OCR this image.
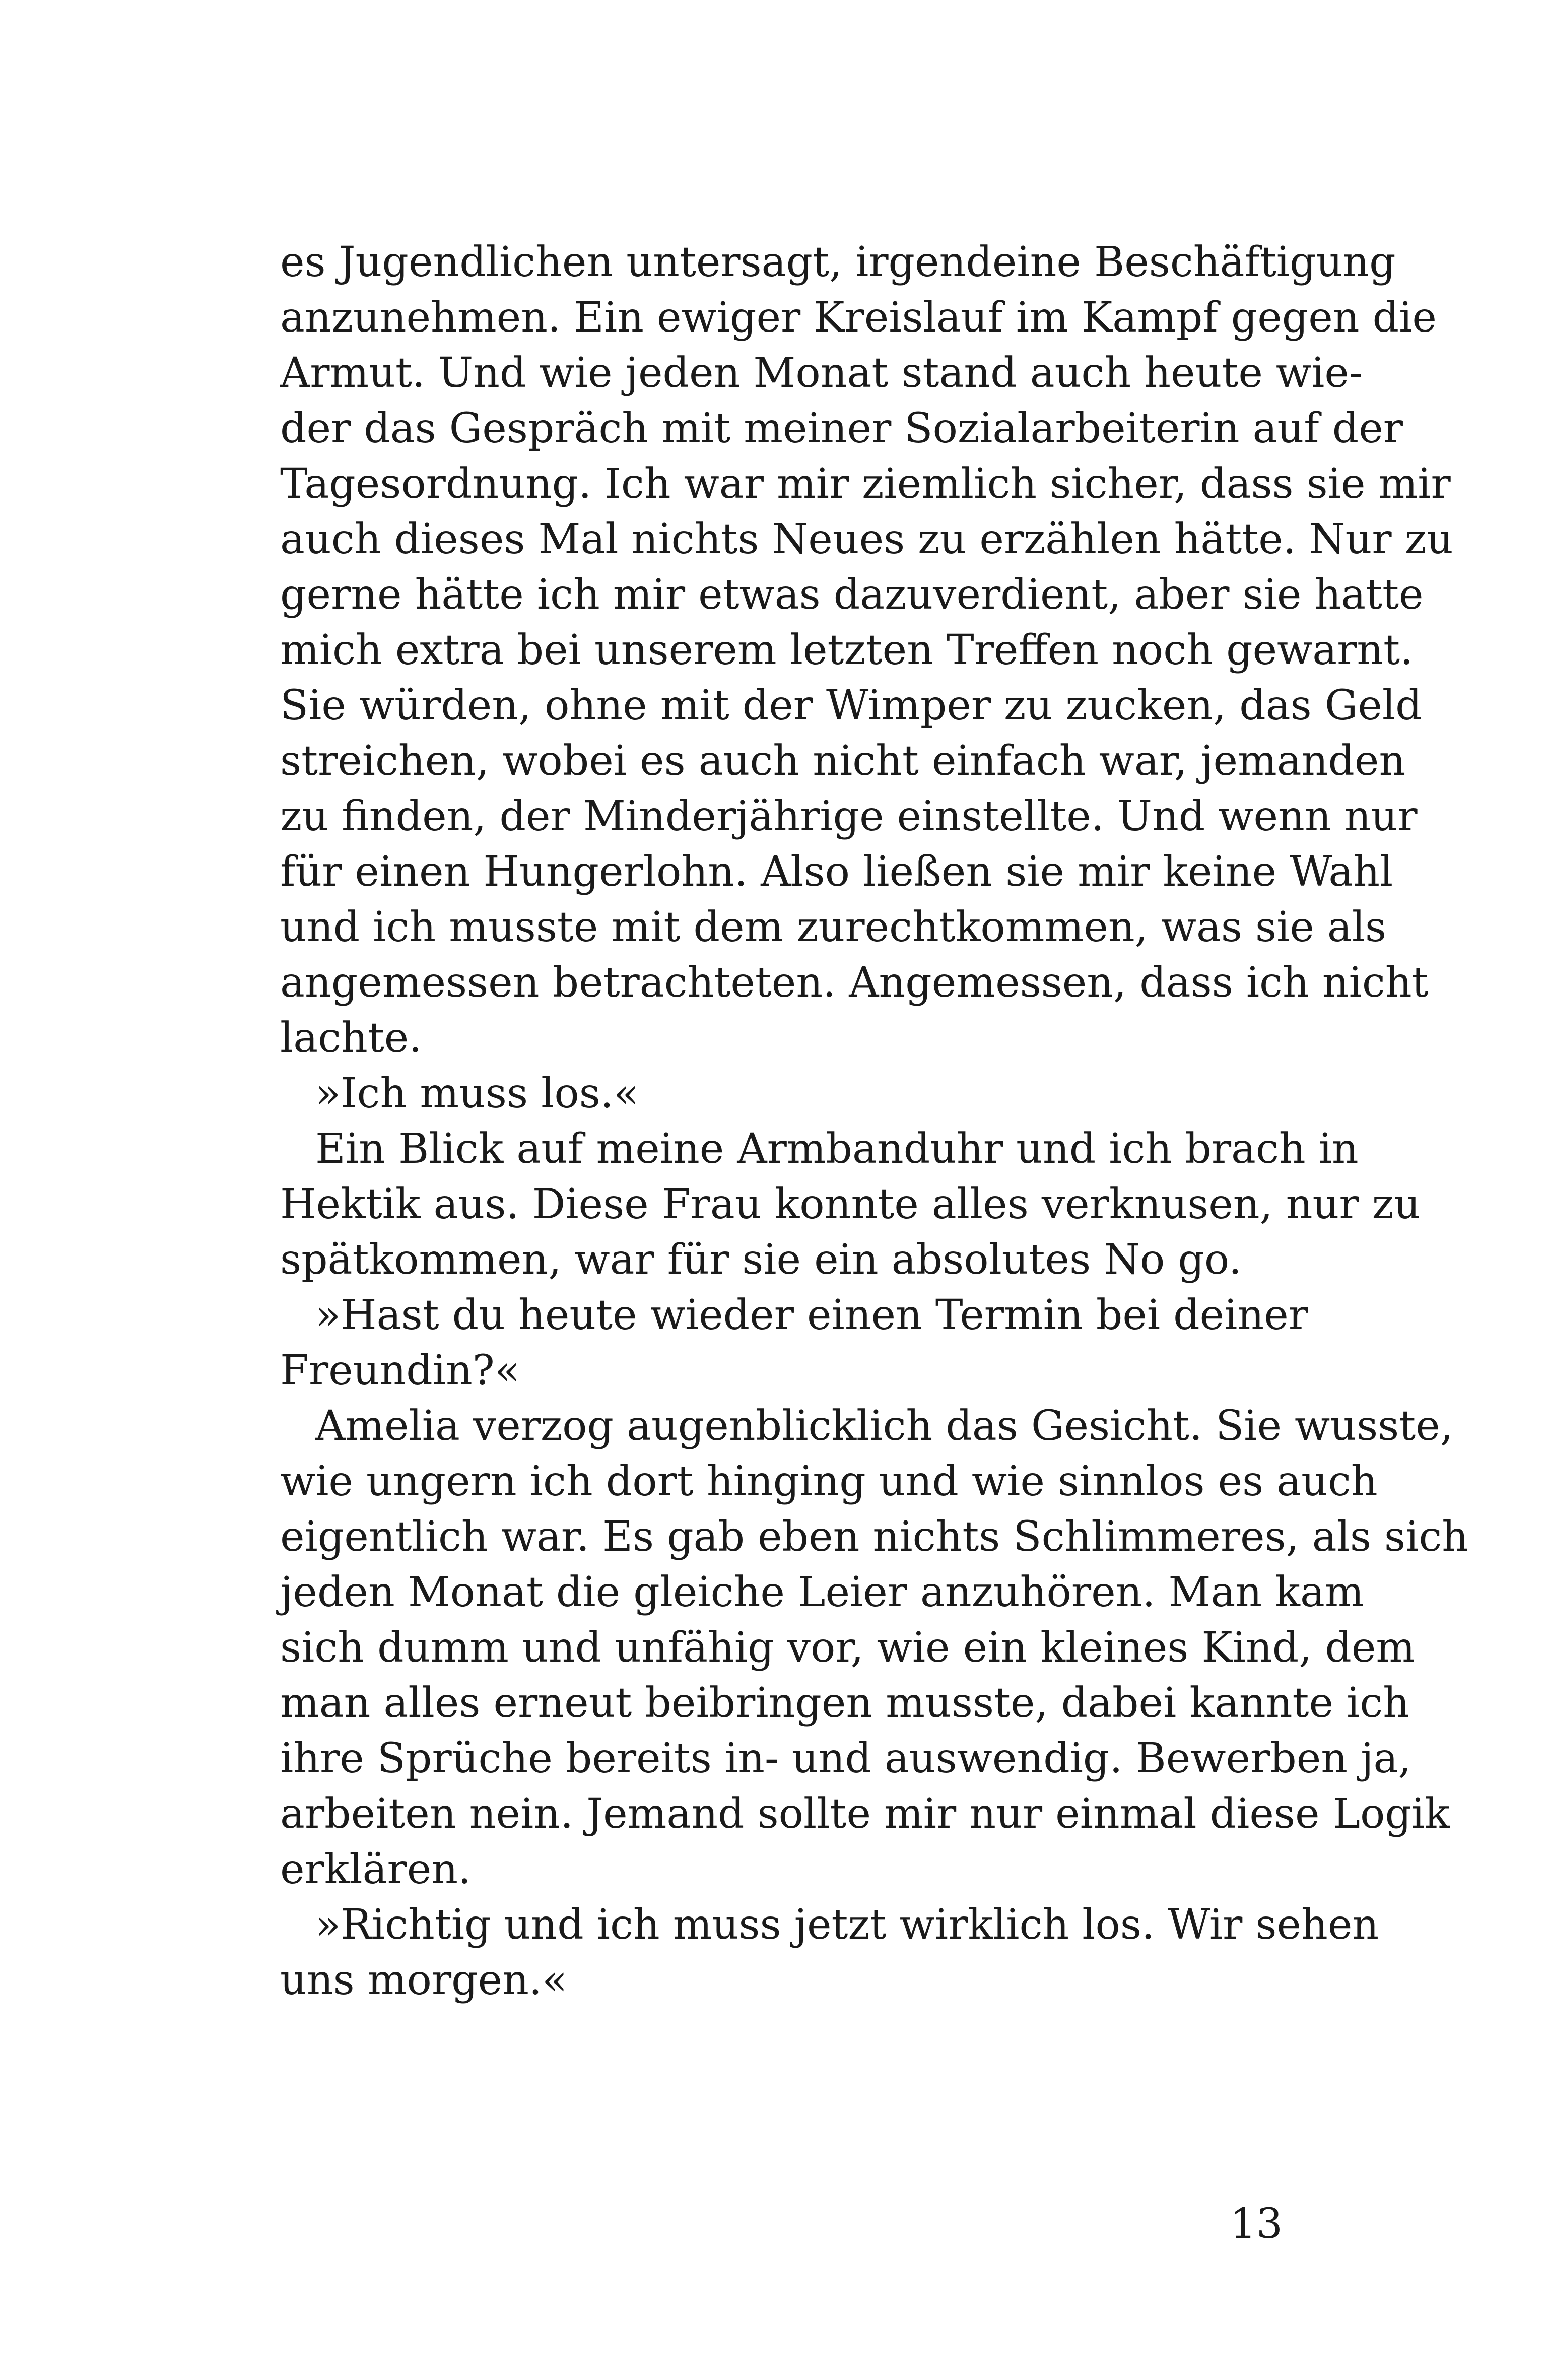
es Jugendlichen untersagt, irgendeine Beschäftigung
anzunehmen. Ein ewiger Kreislauf im Kampf gegen die
Armut. Und wie jeden Monat stand auch heute wie-
der das Gespräch mit meiner Sozialarbeiterin auf der
Tagesordnung. Ich war mir ziemlich sicher, dass sie mir
auch dieses Mal nichts Neues zu erzählen hätte. Nur zu
gerne hätte ich mir etwas dazuverdient, aber sie hatte
mich extra bei unserem letzten Treffen noch gewarnt.
Sie würden, ohne mit der Wimper zu zucken, das Geld
streichen, wobei es auch nicht einfach war, jemanden
zu finden, der Minderjährige einstellte. Und wenn nur
für einen Hungerlohn. Also ließen sie mir keine Wahl
und ich musste mit dem zurechtkommen, was sie als
angemessen betrachteten. Angemessen, dass ich nicht
lachte.
»Ich muss los.«
Ein Blick auf meine Armbanduhr und ich brach in
Hektik aus. Diese Frau konnte alles verknusen, nur zu
spätkommen, war für sie ein absolutes No go.
»Hast du heute wieder einen Termin bei deiner
Freundin?«
Amelia verzog augenblicklich das Gesicht. Sie wusste,
wie ungern ich dort hinging und wie sinnlos es auch
eigentlich war. Es gab eben nichts Schlimmeres, als sich
jeden Monat die gleiche Leier anzuhören. Man kam
sich dumm und unfähig vor, wie ein kleines Kind, dem
man alles erneut beibringen musste, dabei kannte ich
ihre Sprüche bereits in- und auswendig. Bewerben ja,
arbeiten nein. Jemand sollte mir nur einmal diese Logik
erklären.
»Richtig und ich muss jetzt wirklich los. Wir sehen
uns morgen.«
13
